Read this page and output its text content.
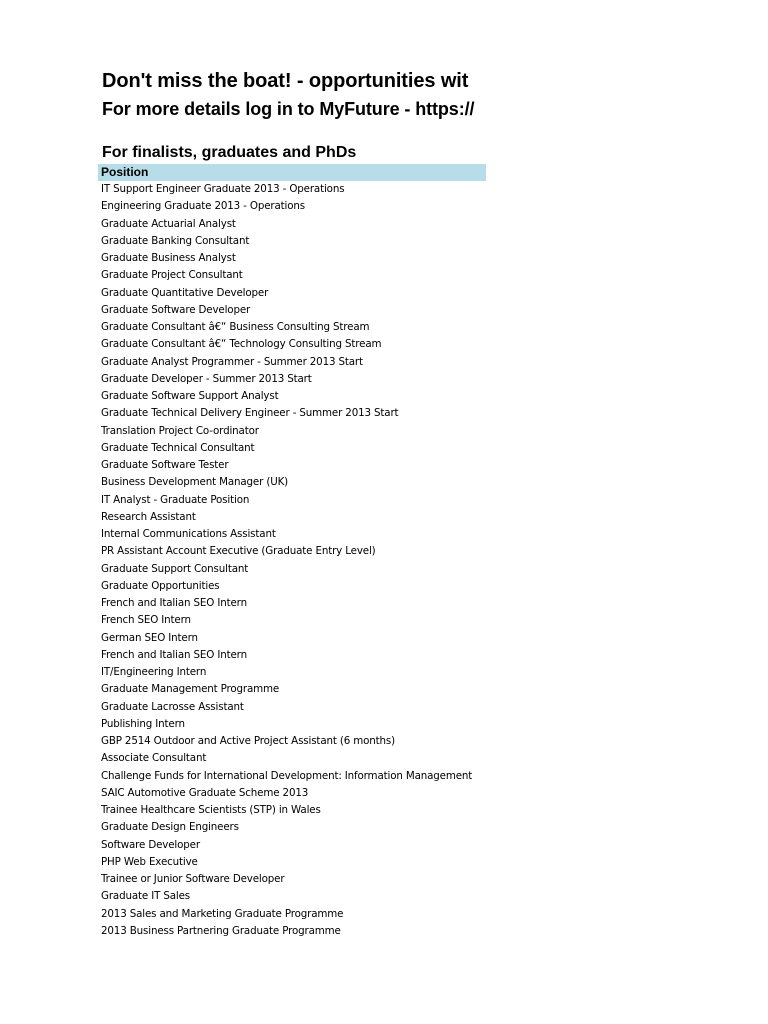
Don't miss the boat! - opportunities wit
For more details log in to MyFuture - https://
For finalists, graduates and PhDs
Position
IT Support Engineer Graduate 2013 - Operations
Engineering Graduate 2013 - Operations
Graduate Actuarial Analyst
Graduate Banking Consultant
Graduate Business Analyst
Graduate Project Consultant
Graduate Quantitative Developer
Graduate Software Developer
Graduate Consultant â€“ Business Consulting Stream
Graduate Consultant â€“ Technology Consulting Stream
Graduate Analyst Programmer - Summer 2013 Start
Graduate Developer - Summer 2013 Start
Graduate Software Support Analyst
Graduate Technical Delivery Engineer - Summer 2013 Start
Translation Project Co-ordinator
Graduate Technical Consultant
Graduate Software Tester
Business Development Manager (UK)
IT Analyst - Graduate Position
Research Assistant
Internal Communications Assistant
PR Assistant Account Executive (Graduate Entry Level)
Graduate Support Consultant
Graduate Opportunities
French and Italian SEO Intern
French SEO Intern
German SEO Intern
French and Italian SEO Intern
IT/Engineering Intern
Graduate Management Programme
Graduate Lacrosse Assistant
Publishing Intern
GBP 2514 Outdoor and Active Project Assistant (6 months)
Associate Consultant
Challenge Funds for International Development: Information Management
SAIC Automotive Graduate Scheme 2013
Trainee Healthcare Scientists (STP) in Wales
Graduate Design Engineers
Software Developer
PHP Web Executive
Trainee or Junior Software Developer
Graduate IT Sales
2013 Sales and Marketing Graduate Programme
2013 Business Partnering Graduate Programme
